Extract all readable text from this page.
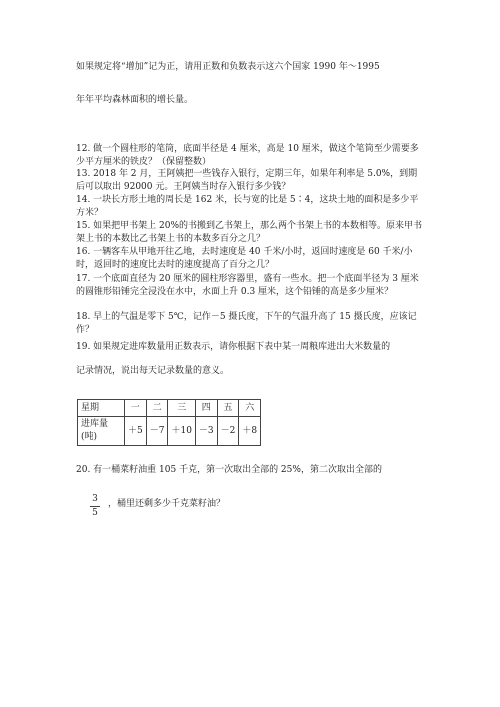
如果规定将“增加”记为正，请用正数和负数表示这六个国家 1990 年～1995
年年平均森林面积的增长量。
12. 做一个圆柱形的笔筒，底面半径是 4 厘米，高是 10 厘米，做这个笔筒至少需要多少平方厘米的铁皮？（保留整数）
13. 2018 年 2 月，王阿姨把一些钱存入银行，定期三年，如果年利率是 5.0%，到期后可以取出 92000 元。王阿姨当时存入银行多少钱？
14. 一块长方形土地的周长是 162 米，长与宽的比是 5∶4，这块土地的面积是多少平方米？
15. 如果把甲书架上 20%的书搬到乙书架上，那么两个书架上书的本数相等。原来甲书架上书的本数比乙书架上书的本数多百分之几？
16. 一辆客车从甲地开往乙地，去时速度是 40 千米/小时，返回时速度是 60 千米/小时，返回时的速度比去时的速度提高了百分之几？
17. 一个底面直径为 20 厘米的圆柱形容器里，盛有一些水。把一个底面半径为 3 厘米的圆锥形铅锤完全浸没在水中，水面上升 0.3 厘米，这个铅锤的高是多少厘米？
18. 早上的气温是零下 5℃，记作－5 摄氏度，下午的气温升高了 15 摄氏度，应该记作？
19. 如果规定进库数量用正数表示，请你根据下表中某一周粮库进出大米数量的
记录情况，说出每天记录数量的意义。
星期	一	二	三	四	五	六
进库量(吨)	＋5	－7	＋10	－3	－2	＋8
20. 有一桶菜籽油重 105 千克，第一次取出全部的 25%，第二次取出全部的
3
5
，桶里还剩多少千克菜籽油？
